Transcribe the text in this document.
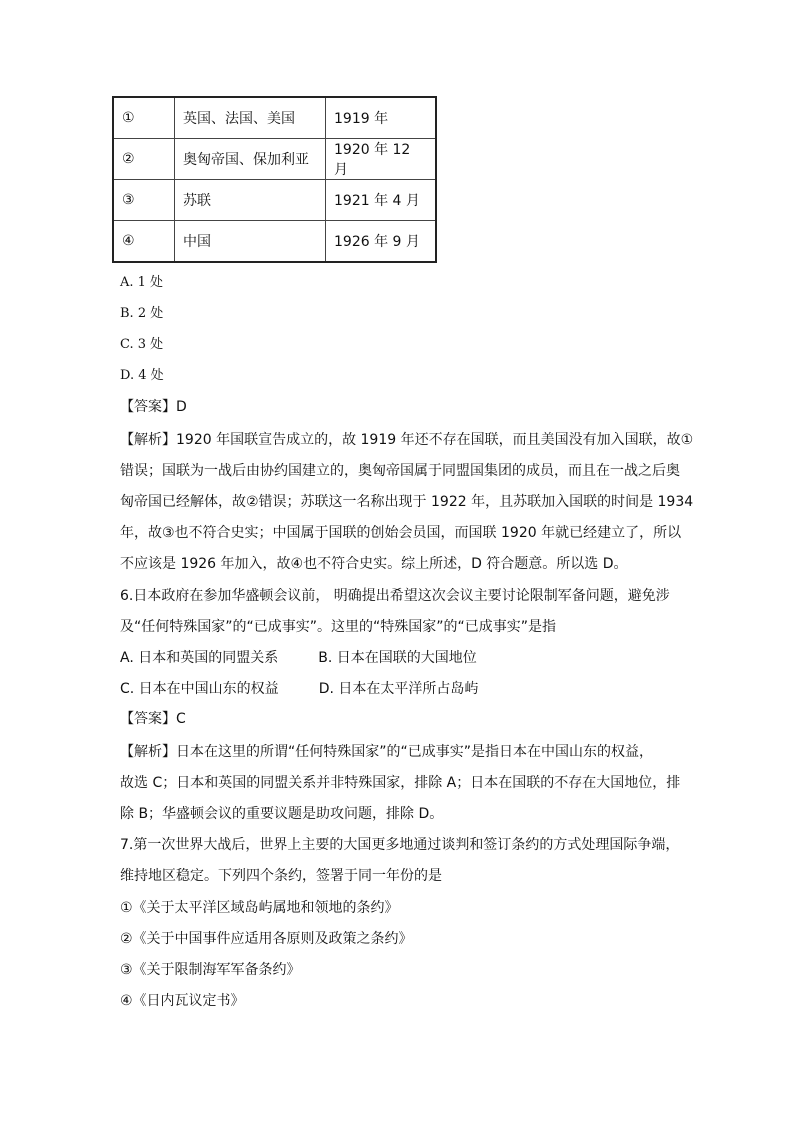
①	英国、法国、美国	1919 年
②	奥匈帝国、保加利亚	1920 年 12 月
③	苏联	1921 年 4 月
④	中国	1926 年 9 月
A. 1 处
B. 2 处
C. 3 处
D. 4 处
【答案】D
【解析】1920 年国联宣告成立的，故 1919 年还不存在国联，而且美国没有加入国联，故①
错误；国联为一战后由协约国建立的，奥匈帝国属于同盟国集团的成员，而且在一战之后奥
匈帝国已经解体，故②错误；苏联这一名称出现于 1922 年，且苏联加入国联的时间是 1934
年，故③也不符合史实；中国属于国联的创始会员国，而国联 1920 年就已经建立了，所以
不应该是 1926 年加入，故④也不符合史实。综上所述，D 符合题意。所以选 D。
6.日本政府在参加华盛顿会议前， 明确提出希望这次会议主要讨论限制军备问题，避免涉
及“任何特殊国家”的“已成事实”。这里的“特殊国家”的“已成事实”是指
A. 日本和英国的同盟关系	B. 日本在国联的大国地位
C. 日本在中国山东的权益	D. 日本在太平洋所占岛屿
【答案】C
【解析】日本在这里的所谓“任何特殊国家”的“已成事实”是指日本在中国山东的权益，
故选 C；日本和英国的同盟关系并非特殊国家，排除 A；日本在国联的不存在大国地位，排
除 B；华盛顿会议的重要议题是助攻问题，排除 D。
7.第一次世界大战后，世界上主要的大国更多地通过谈判和签订条约的方式处理国际争端，
维持地区稳定。下列四个条约，签署于同一年份的是
①《关于太平洋区域岛屿属地和领地的条约》
②《关于中国事件应适用各原则及政策之条约》
③《关于限制海军军备条约》
④《日内瓦议定书》
